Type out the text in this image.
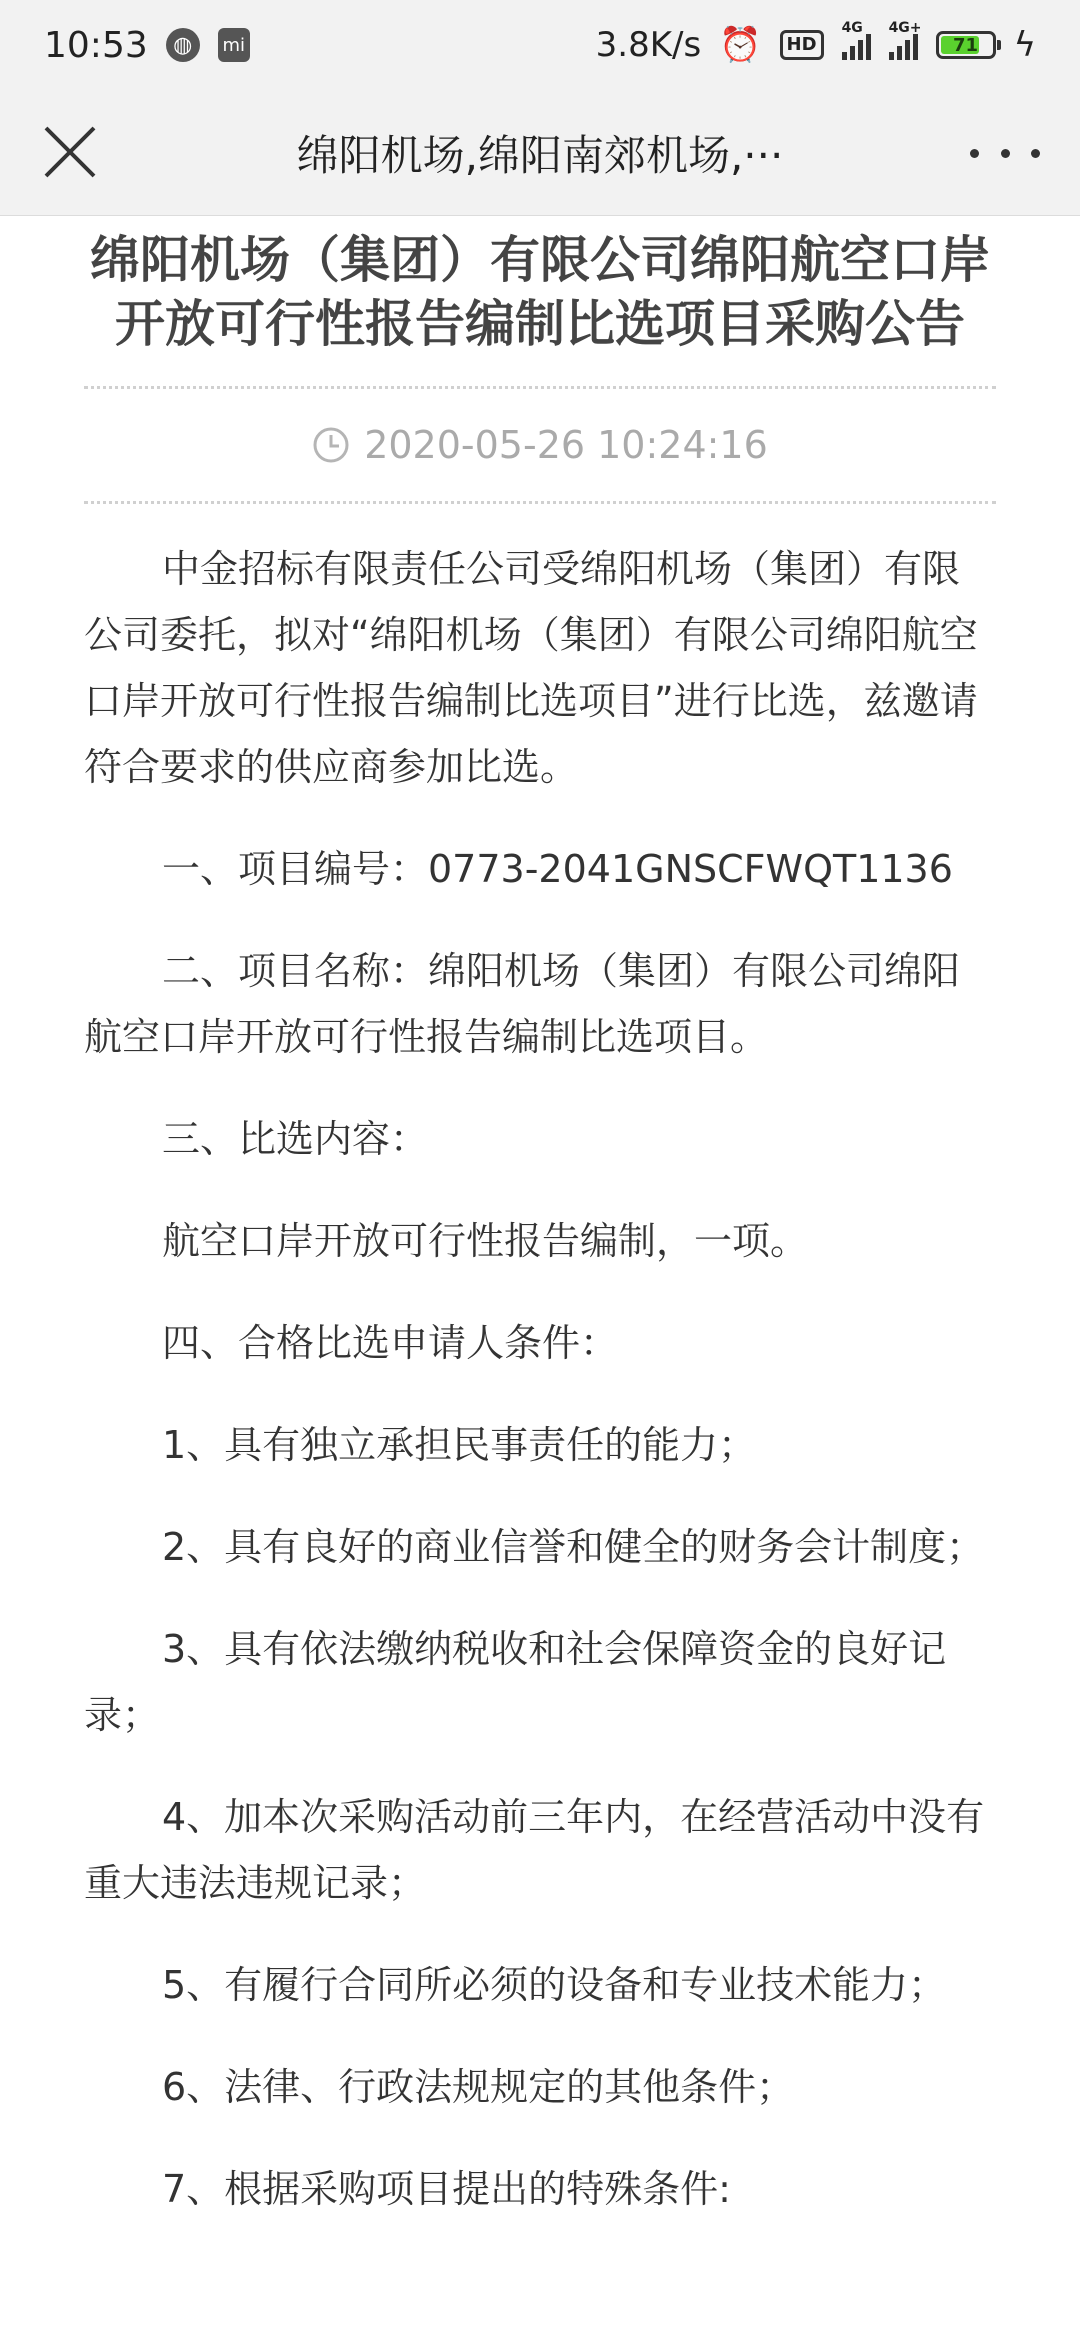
10:53	◍	mi	3.8K/s ⏰	HD
4G 4G+
71 ϟ
绵阳机场,绵阳南郊机场,···
绵阳机场（集团）有限公司绵阳航空口岸开放可行性报告编制比选项目采购公告
2020-05-26 10:24:16

中金招标有限责任公司受绵阳机场（集团）有限公司委托，拟对“绵阳机场（集团）有限公司绵阳航空口岸开放可行性报告编制比选项目”进行比选，兹邀请符合要求的供应商参加比选。

一、项目编号：0773-2041GNSCFWQT1136

二、项目名称：绵阳机场（集团）有限公司绵阳航空口岸开放可行性报告编制比选项目。

三、比选内容：

航空口岸开放可行性报告编制，一项。

四、合格比选申请人条件：

1、具有独立承担民事责任的能力；

2、具有良好的商业信誉和健全的财务会计制度；

3、具有依法缴纳税收和社会保障资金的良好记录；

4、加本次采购活动前三年内，在经营活动中没有重大违法违规记录；

5、有履行合同所必须的设备和专业技术能力；

6、法律、行政法规规定的其他条件；

7、根据采购项目提出的特殊条件:
